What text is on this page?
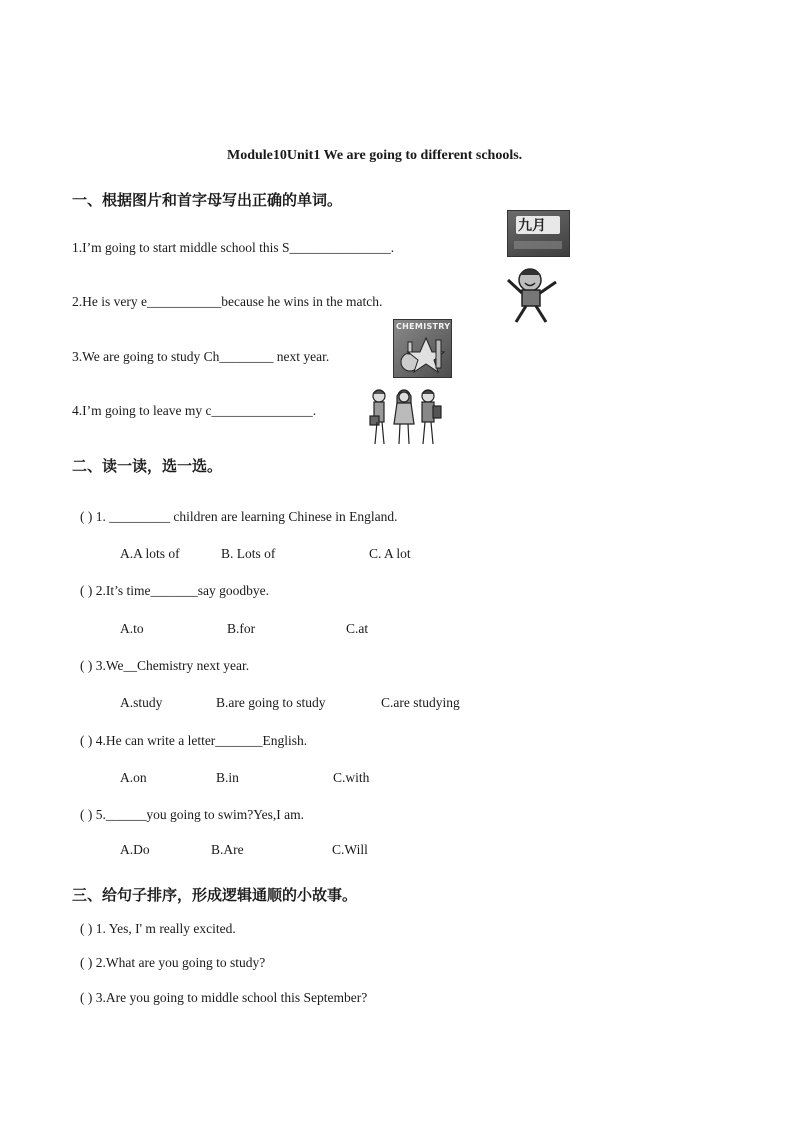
Module10Unit1 We are going to different schools.
一、根据图片和首字母写出正确的单词。
1.I’m going to start middle school this S_______________.
2.He is very e___________because he wins in the match.
3.We are going to study Ch________ next year.
4.I’m going to leave my c_______________.
九月
CHEMISTRY
二、读一读，选一选。
( ) 1. _________ children are learning Chinese in England.
A.A lots of	B. Lots of	C. A lot
( ) 2.It’s time_______say goodbye.
A.to	B.for	C.at
( ) 3.We__Chemistry next year.
A.study	B.are going to study	C.are studying
( ) 4.He can write a letter_______English.
A.on	B.in	C.with
( ) 5.______you going to swim?Yes,I am.
A.Do	B.Are	C.Will
三、给句子排序，形成逻辑通顺的小故事。
( ) 1. Yes, I' m really excited.
( ) 2.What are you going to study?
( ) 3.Are you going to middle school this September?
